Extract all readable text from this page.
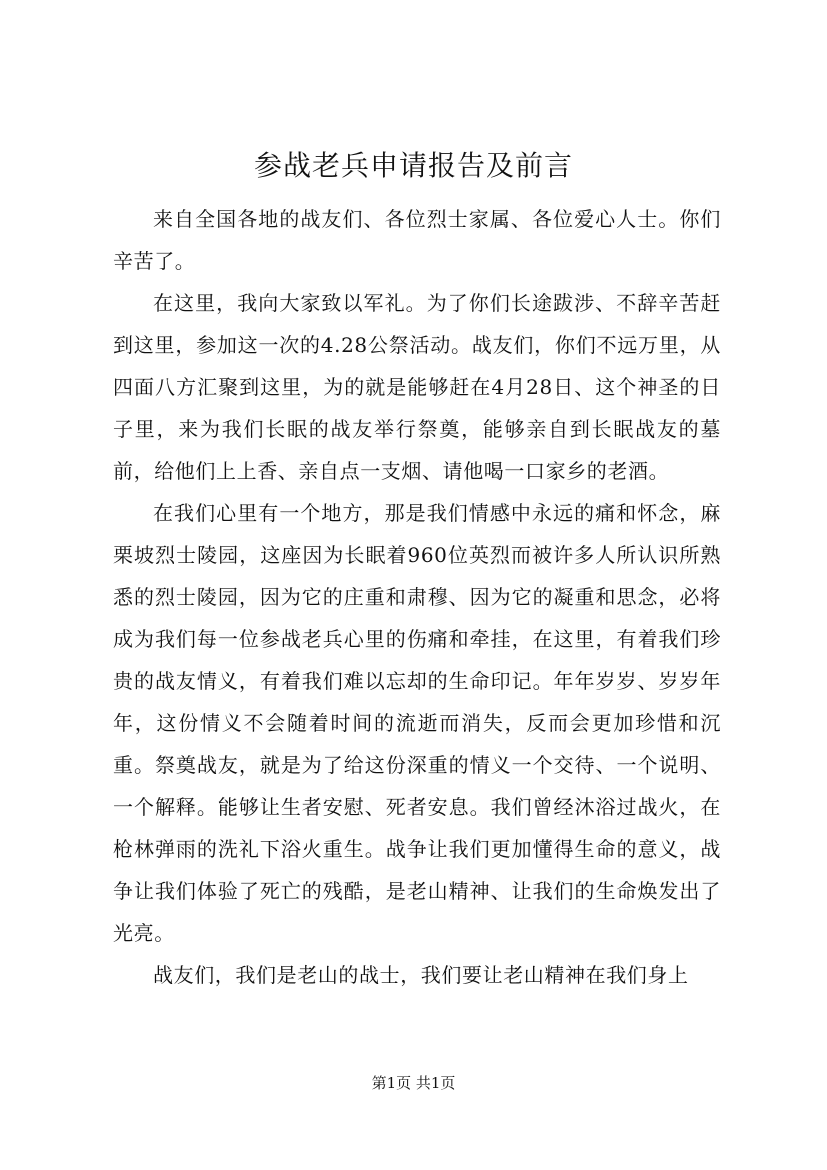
参战老兵申请报告及前言

来自全国各地的战友们、各位烈士家属、各位爱心人士。你们辛苦了。

在这里，我向大家致以军礼。为了你们长途跋涉、不辞辛苦赶到这里，参加这一次的4.28公祭活动。战友们，你们不远万里，从四面八方汇聚到这里，为的就是能够赶在4月28日、这个神圣的日子里，来为我们长眠的战友举行祭奠，能够亲自到长眠战友的墓前，给他们上上香、亲自点一支烟、请他喝一口家乡的老酒。

在我们心里有一个地方，那是我们情感中永远的痛和怀念，麻栗坡烈士陵园，这座因为长眠着960位英烈而被许多人所认识所熟悉的烈士陵园，因为它的庄重和肃穆、因为它的凝重和思念，必将成为我们每一位参战老兵心里的伤痛和牵挂，在这里，有着我们珍贵的战友情义，有着我们难以忘却的生命印记。年年岁岁、岁岁年年，这份情义不会随着时间的流逝而消失，反而会更加珍惜和沉重。祭奠战友，就是为了给这份深重的情义一个交待、一个说明、一个解释。能够让生者安慰、死者安息。我们曾经沐浴过战火，在枪林弹雨的洗礼下浴火重生。战争让我们更加懂得生命的意义，战争让我们体验了死亡的残酷，是老山精神、让我们的生命焕发出了光亮。

战友们，我们是老山的战士，我们要让老山精神在我们身上

第1页 共1页
